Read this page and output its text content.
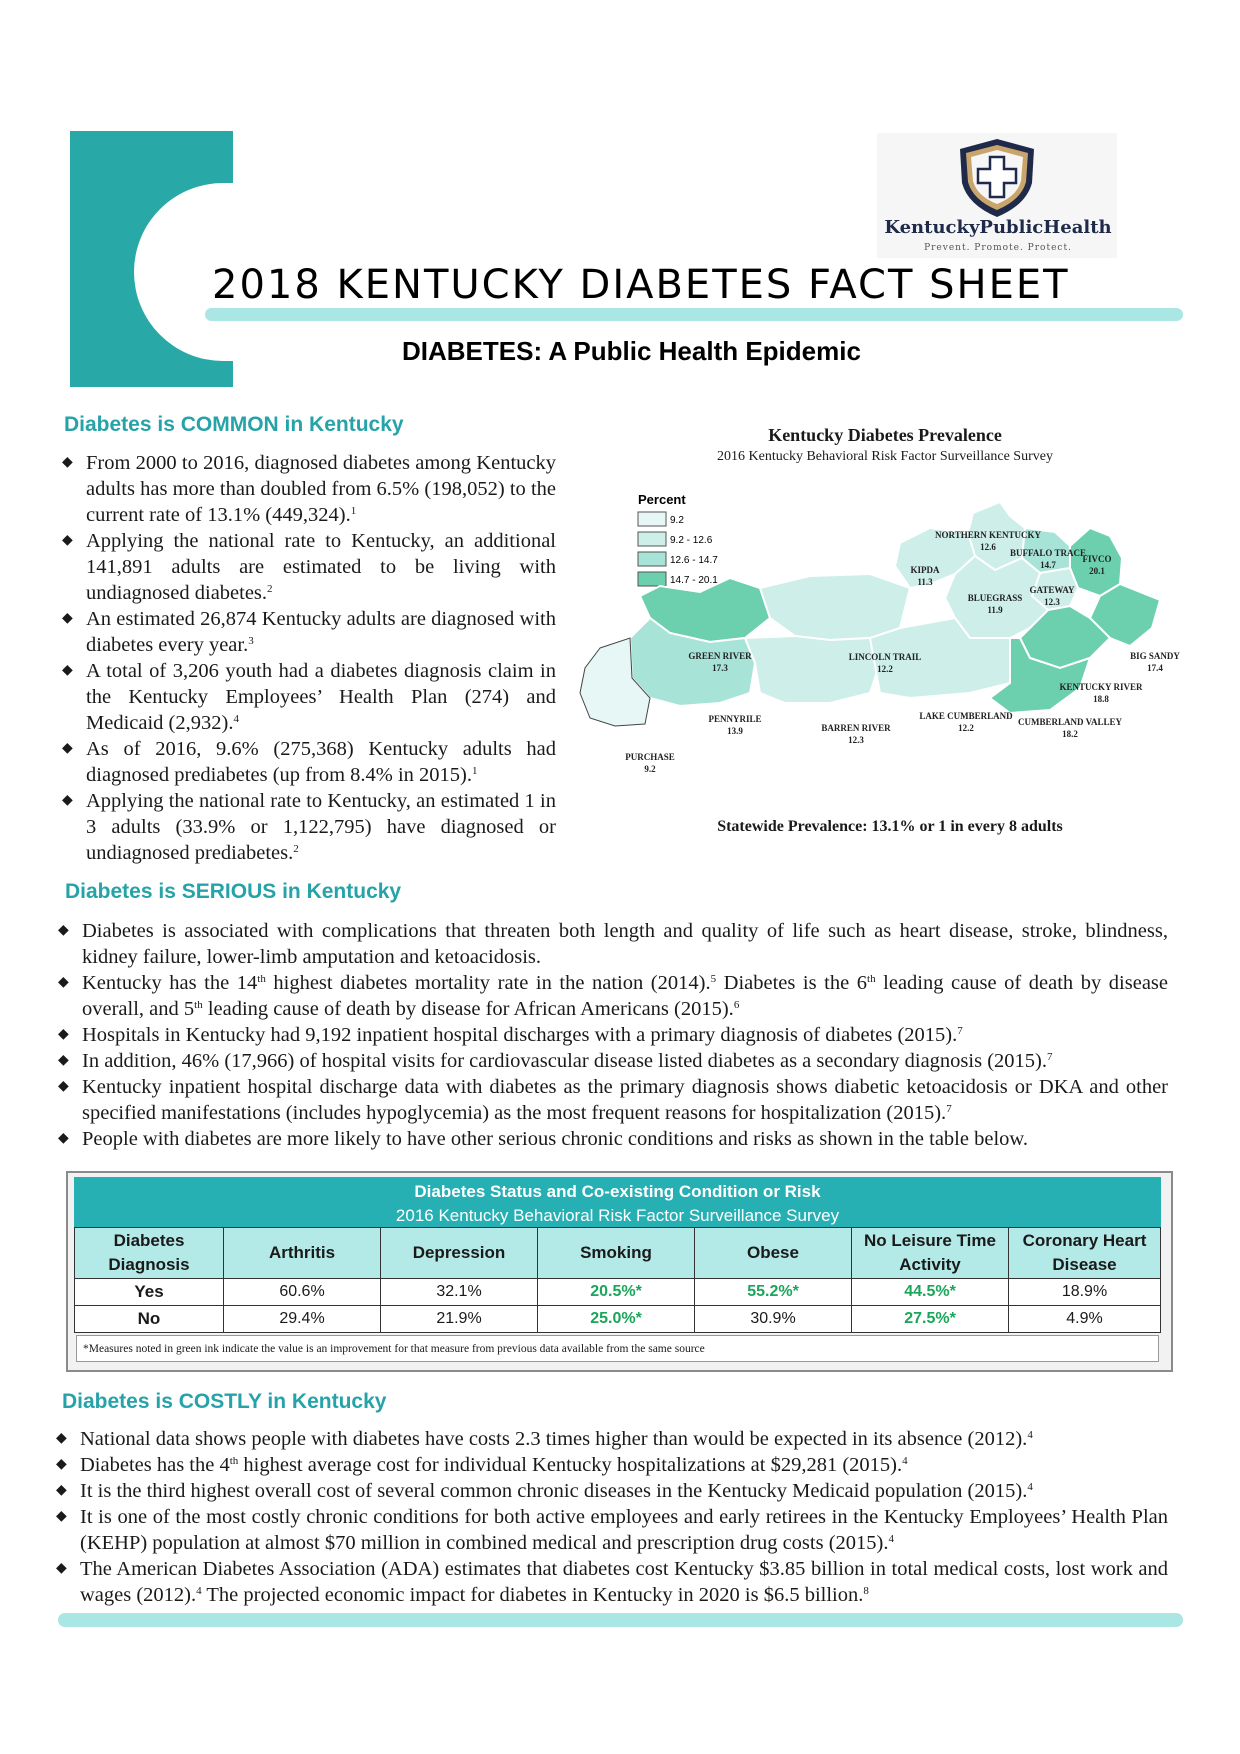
KentuckyPublicHealth
Prevent. Promote. Protect.
2018 KENTUCKY DIABETES FACT SHEET
DIABETES: A Public Health Epidemic
Diabetes is COMMON in Kentucky
◆ From 2000 to 2016, diagnosed diabetes among Kentucky adults has more than doubled from 6.5% (198,052) to the current rate of 13.1% (449,324).$^1$
◆ Applying the national rate to Kentucky, an additional 141,891 adults are estimated to be living with undiagnosed diabetes.$^2$
◆ An estimated 26,874 Kentucky adults are diagnosed with diabetes every year.$^3$
◆ A total of 3,206 youth had a diabetes diagnosis claim in the Kentucky Employees’ Health Plan (274) and Medicaid (2,932).$^4$
◆ As of 2016, 9.6% (275,368) Kentucky adults had diagnosed prediabetes (up from 8.4% in 2015).$^1$
◆ Applying the national rate to Kentucky, an estimated 1 in 3 adults (33.9% or 1,122,795) have diagnosed or undiagnosed prediabetes.$^2$
Kentucky Diabetes Prevalence
2016 Kentucky Behavioral Risk Factor Surveillance Survey
Percent
9.2
9.2 - 12.6
12.6 - 14.7
14.7 - 20.1
NORTHERN KENTUCKY
12.6
BUFFALO TRACE
14.7
FIVCO
20.1
KIPDA
11.3
GATEWAY
12.3
BLUEGRASS
11.9
BIG SANDY
17.4
GREEN RIVER
17.3
LINCOLN TRAIL
12.2
KENTUCKY RIVER
18.8
PENNYRILE
13.9	BARREN RIVER
12.3
LAKE CUMBERLAND
12.2
CUMBERLAND VALLEY
18.2
PURCHASE
9.2
Statewide Prevalence: 13.1% or 1 in every 8 adults
Diabetes is SERIOUS in Kentucky
◆ Diabetes is associated with complications that threaten both length and quality of life such as heart disease, stroke, blindness, kidney failure, lower-limb amputation and ketoacidosis.
◆ Kentucky has the 14th highest diabetes mortality rate in the nation (2014).$^5$ Diabetes is the 6th leading cause of death by disease overall, and 5th leading cause of death by disease for African Americans (2015).$^6$
◆ Hospitals in Kentucky had 9,192 inpatient hospital discharges with a primary diagnosis of diabetes (2015).$^7$
◆ In addition, 46% (17,966) of hospital visits for cardiovascular disease listed diabetes as a secondary diagnosis (2015).$^7$
◆ Kentucky inpatient hospital discharge data with diabetes as the primary diagnosis shows diabetic ketoacidosis or DKA and other specified manifestations (includes hypoglycemia) as the most frequent reasons for hospitalization (2015).$^7$
◆ People with diabetes are more likely to have other serious chronic conditions and risks as shown in the table below.
Diabetes Status and Co-existing Condition or Risk
2016 Kentucky Behavioral Risk Factor Surveillance Survey
Diabetes Diagnosis	Arthritis	Depression	Smoking	Obese	No Leisure Time Activity	Coronary Heart Disease
Yes	60.6%	32.1%	20.5%*	55.2%*	44.5%*	18.9%
No	29.4%	21.9%	25.0%*	30.9%	27.5%*	4.9%
*Measures noted in green ink indicate the value is an improvement for that measure from previous data available from the same source
Diabetes is COSTLY in Kentucky
◆ National data shows people with diabetes have costs 2.3 times higher than would be expected in its absence (2012).$^4$
◆ Diabetes has the 4th highest average cost for individual Kentucky hospitalizations at $29,281 (2015).$^4$
◆ It is the third highest overall cost of several common chronic diseases in the Kentucky Medicaid population (2015).$^4$
◆ It is one of the most costly chronic conditions for both active employees and early retirees in the Kentucky Employees’ Health Plan (KEHP) population at almost $70 million in combined medical and prescription drug costs (2015).$^4$
◆ The American Diabetes Association (ADA) estimates that diabetes cost Kentucky $3.85 billion in total medical costs, lost work and wages (2012).$^4$ The projected economic impact for diabetes in Kentucky in 2020 is $6.5 billion.$^8$
